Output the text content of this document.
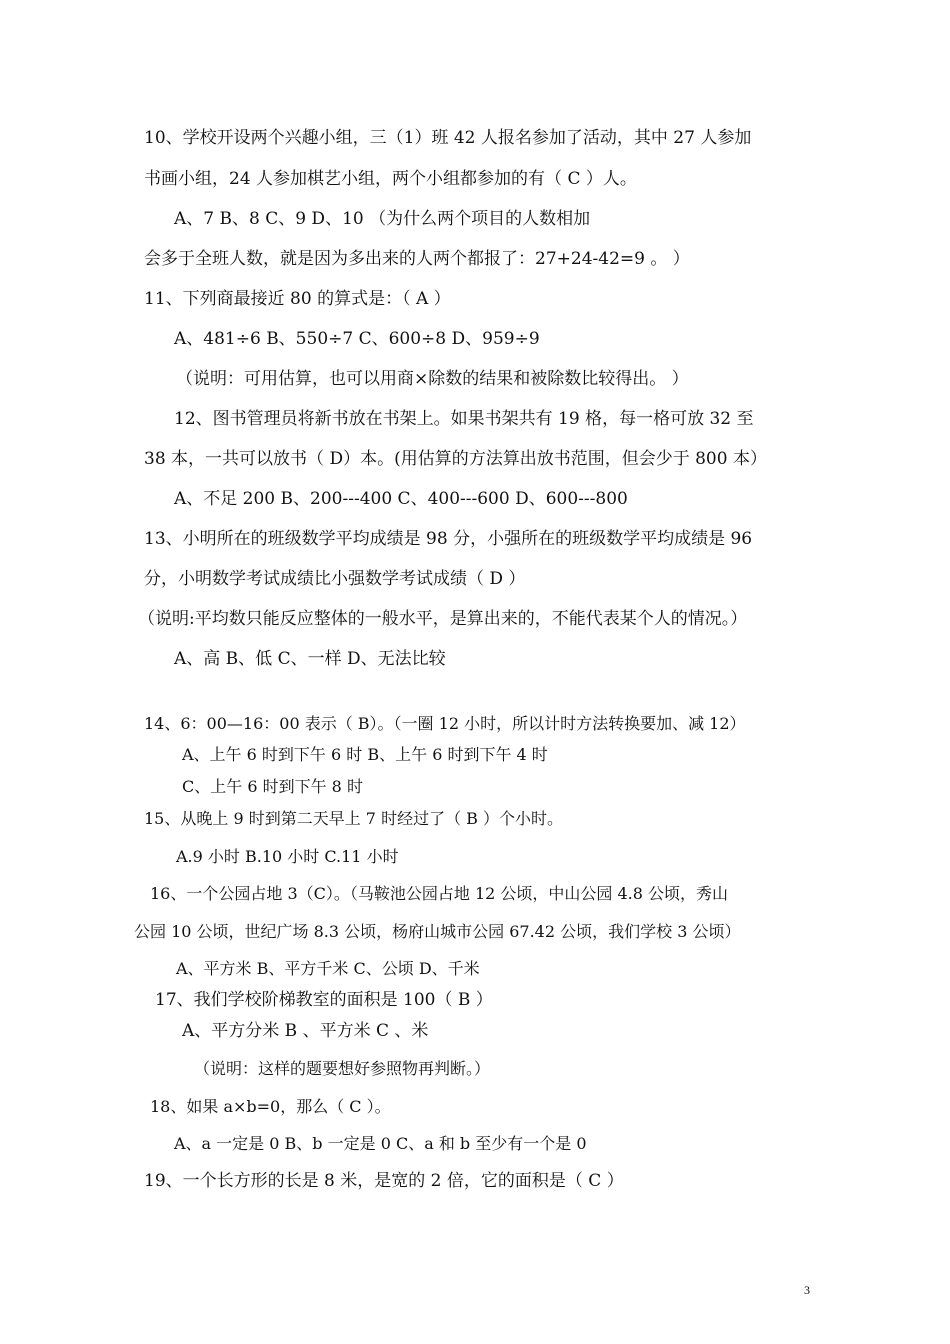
10、学校开设两个兴趣小组，三（1）班 42 人报名参加了活动，其中 27 人参加
书画小组，24 人参加棋艺小组，两个小组都参加的有（ C ）人。
A、7 B、8 C、9 D、10 （为什么两个项目的人数相加
会多于全班人数，就是因为多出来的人两个都报了：27+24-42=9 。 ）
11、下列商最接近 80 的算式是：（ A ）
A、481÷6 B、550÷7 C、600÷8 D、959÷9
（说明：可用估算，也可以用商×除数的结果和被除数比较得出。 ）
12、图书管理员将新书放在书架上。如果书架共有 19 格，每一格可放 32 至
38 本，一共可以放书（ D）本。(用估算的方法算出放书范围，但会少于 800 本）
A、不足 200 B、200---400 C、400---600 D、600---800
13、小明所在的班级数学平均成绩是 98 分，小强所在的班级数学平均成绩是 96
分，小明数学考试成绩比小强数学考试成绩（ D ）
（说明:平均数只能反应整体的一般水平，是算出来的，不能代表某个人的情况。）
A、高 B、低 C、一样 D、无法比较
14、6：00—16：00 表示（ B）。（一圈 12 小时，所以计时方法转换要加、减 12）
A、上午 6 时到下午 6 时 B、上午 6 时到下午 4 时
C、上午 6 时到下午 8 时
15、从晚上 9 时到第二天早上 7 时经过了（ B ）个小时。
A.9 小时 B.10 小时 C.11 小时
16、一个公园占地 3（C）。（马鞍池公园占地 12 公顷，中山公园 4.8 公顷，秀山
公园 10 公顷，世纪广场 8.3 公顷，杨府山城市公园 67.42 公顷，我们学校 3 公顷）
A、平方米 B、平方千米 C、公顷 D、千米
17、我们学校阶梯教室的面积是 100（ B ）
A、平方分米 B 、平方米 C 、米
（说明：这样的题要想好参照物再判断。）
18、如果 a×b=0，那么（ C ）。
A、a 一定是 0 B、b 一定是 0 C、a 和 b 至少有一个是 0
19、一个长方形的长是 8 米，是宽的 2 倍，它的面积是（ C ）
3
